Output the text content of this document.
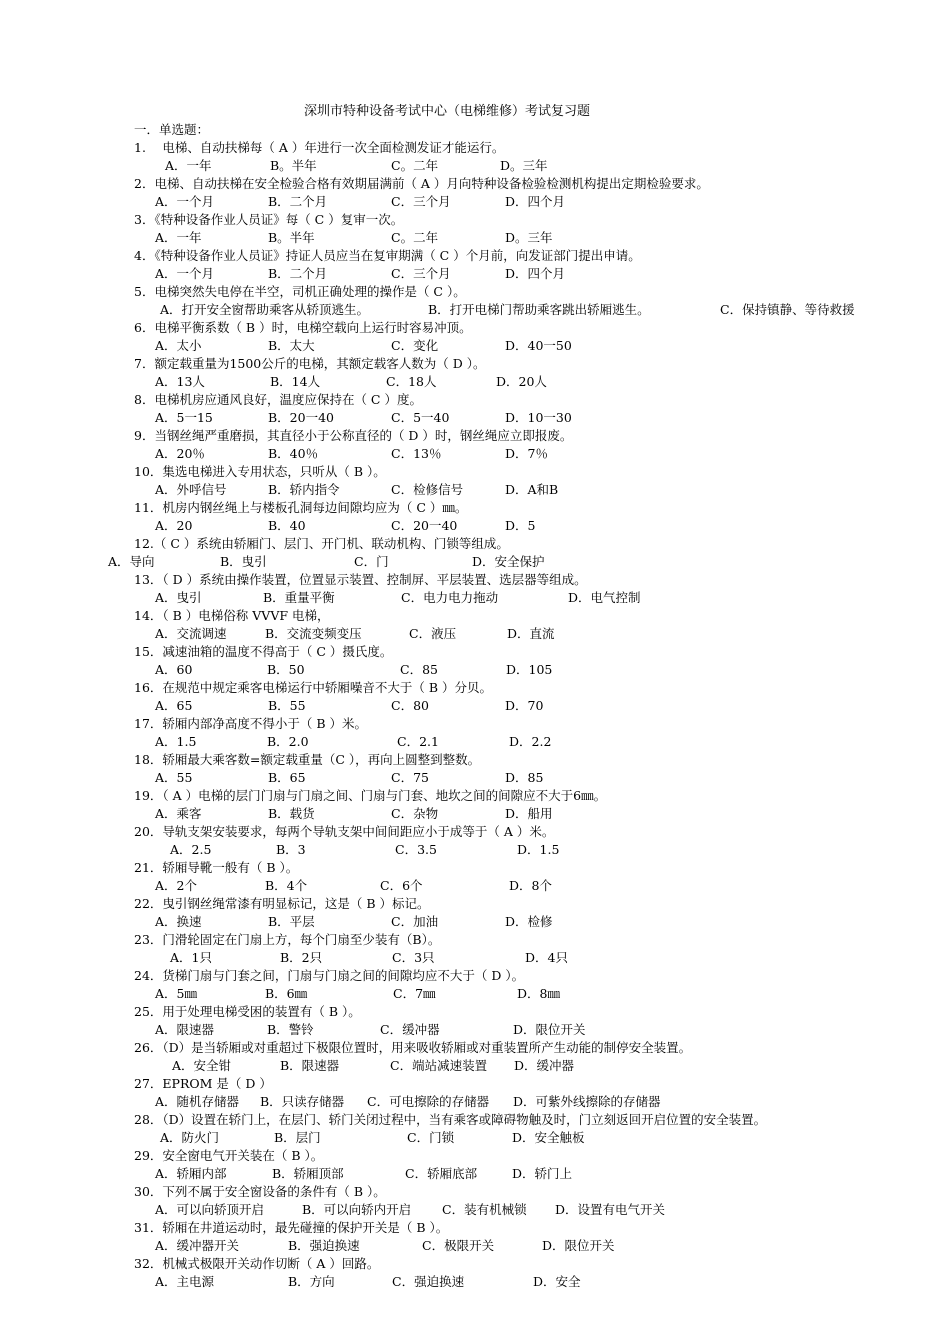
深圳市特种设备考试中心（电梯维修）考试复习题
一．单选题：
1.　 电梯、自动扶梯每（ A ）年进行一次全面检测发证才能运行。
A．一年	B。半年	C。二年	D。三年
2．电梯、自动扶梯在安全检验合格有效期届满前（ A ）月向特种设备检验检测机构提出定期检验要求。
A．一个月	B．二个月	C．三个月	D．四个月
3．《特种设备作业人员证》每（ C ）复审一次。
A．一年	B。半年	C。二年	D。三年
4．《特种设备作业人员证》持证人员应当在复审期满（ C ）个月前，向发证部门提出申请。
A．一个月	B．二个月	C．三个月	D．四个月
5．电梯突然失电停在半空，司机正确处理的操作是（ C ）。
A．打开安全窗帮助乘客从轿顶逃生。	B．打开电梯门帮助乘客跳出轿厢逃生。	C．保持镇静、等待救援
6．电梯平衡系数（ B ）时，电梯空载向上运行时容易冲顶。
A．太小	B．太大	C．变化	D．40一50
7．额定载重量为1500公斤的电梯，其额定载客人数为（ D ）。
A．13人	B．14人	C．18人	D．20人
8．电梯机房应通风良好，温度应保持在（ C ）度。
A．5一15	B．20一40	C．5一40	D．10一30
9．当钢丝绳严重磨损，其直径小于公称直径的（ D ）时，钢丝绳应立即报废。
A．20％	B．40％	C．13％	D．7％
10．集选电梯进入专用状态，只听从（ B ）。
A．外呼信号	B．轿内指令	C．检修信号	D．A和B
11．机房内钢丝绳上与楼板孔洞每边间隙均应为（ C ）㎜。
A．20	B．40	C．20一40	D．5
12.（ C ）系统由轿厢门、层门、开门机、联动机构、门锁等组成。
A．导向	B．曳引	C．门	D．安全保护
13．（ D ）系统由操作装置，位置显示装置、控制屏、平层装置、选层器等组成。
A．曳引	B．重量平衡	C．电力电力拖动	D．电气控制
14．（ B ）电梯俗称 VVVF 电梯，
A．交流调速	B．交流变频变压	C．液压	D．直流
15．减速油箱的温度不得高于（ C ）摄氏度。
A．60	B．50	C．85	D．105
16．在规范中规定乘客电梯运行中轿厢噪音不大于（ B ）分贝。
A．65	B．55	C．80	D．70
17．轿厢内部净高度不得小于（ B ）米。
A．1.5	B．2.0	C．2.1	D．2.2
18．轿厢最大乘客数=额定载重量（C ），再向上圆整到整数。
A．55	B．65	C．75	D．85
19．（ A ）电梯的层门门扇与门扇之间、门扇与门套、地坎之间的间隙应不大于6㎜。
A．乘客	B．载货	C．杂物	D．船用
20．导轨支架安装要求，每两个导轨支架中间间距应小于成等于（ A ）米。
A．2.5	B．3	C．3.5	D．1.5
21．轿厢导靴一般有（ B ）。
A．2个	B．4个	C．6个	D．8个
22．曳引钢丝绳常漆有明显标记，这是（ B ）标记。
A．换速	B．平层	C．加油	D．检修
23．门滑轮固定在门扇上方，每个门扇至少装有（B）。
A．1只	B．2只	C．3只	D．4只
24．货梯门扇与门套之间，门扇与门扇之间的间隙均应不大于（ D ）。
A．5㎜	B．6㎜	C．7㎜	D．8㎜
25．用于处理电梯受困的装置有（ B ）。
A．限速器	B．警铃	C．缓冲器	D．限位开关
26．（D）是当轿厢或对重超过下极限位置时，用来吸收轿厢或对重装置所产生动能的制停安全装置。
A．安全钳	B．限速器	C．端站减速装置 D．缓冲器
27．EPROM 是（ D ）
A．随机存储器 B．只读存储器 C．可电擦除的存储器 D．可紫外线擦除的存储器
28．（D）设置在轿门上，在层门、轿门关闭过程中，当有乘客或障碍物触及时，门立刻返回开启位置的安全装置。
A．防火门	B．层门	C．门锁	D．安全触板
29．安全窗电气开关装在（ B ）。
A．轿厢内部	B．轿厢顶部	C．轿厢底部	D．轿门上
30．下列不属于安全窗设备的条件有（ B ）。
A．可以向轿顶开启	B．可以向轿内开启 C．装有机械锁 D．设置有电气开关
31．轿厢在井道运动时，最先碰撞的保护开关是（ B ）。
A．缓冲器开关	B．强迫换速	C．极限开关	D．限位开关
32．机械式极限开关动作切断（ A ）回路。
A．主电源	B．方向	C．强迫换速	D．安全
